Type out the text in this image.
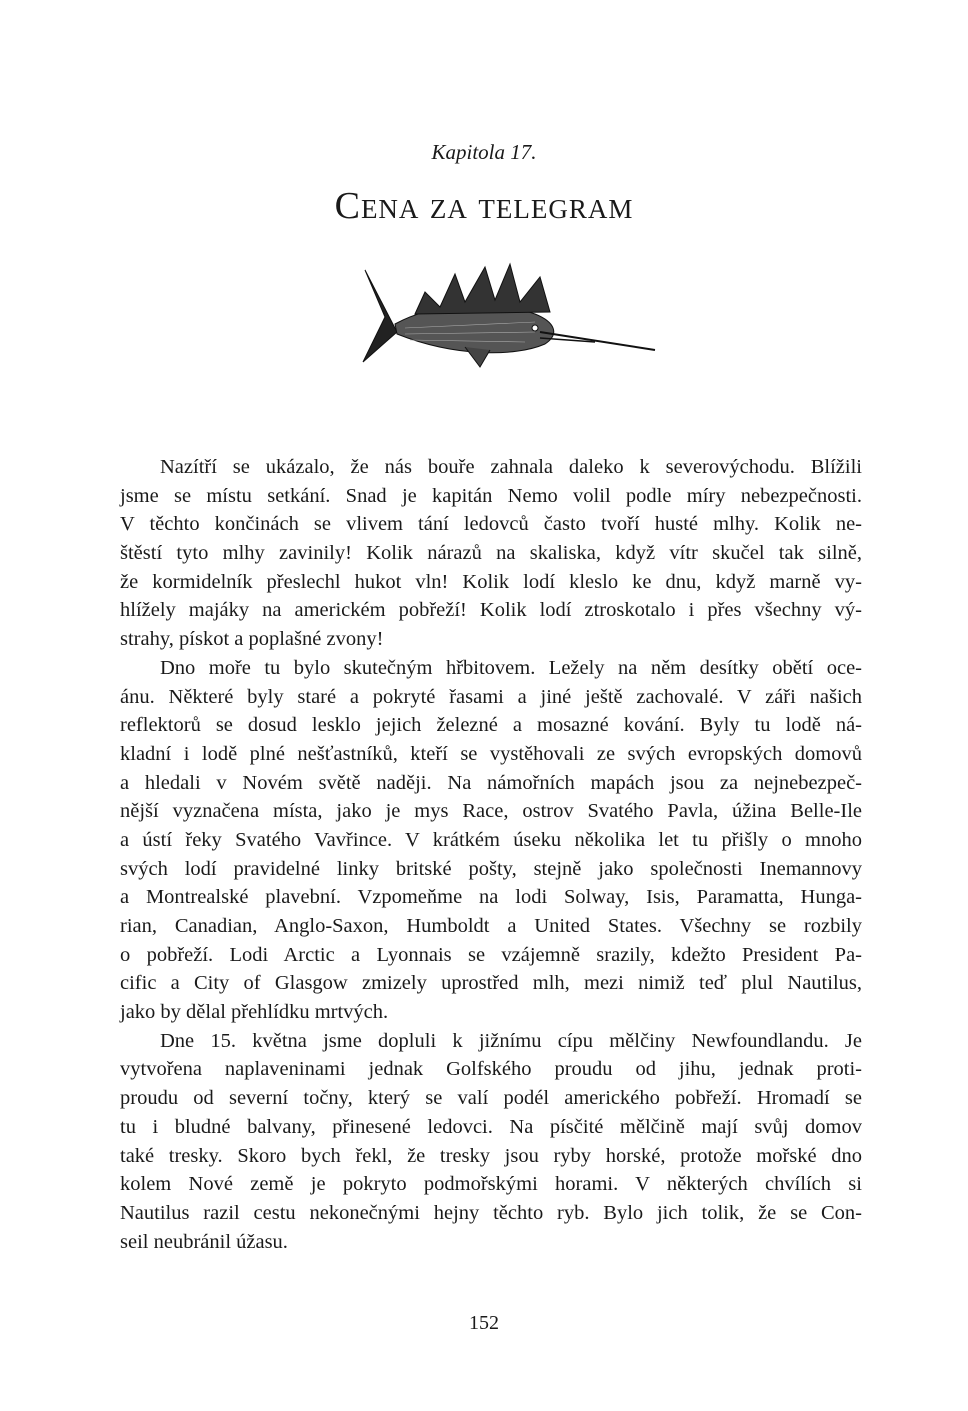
Kapitola 17.
Cena za telegram
Nazítří se ukázalo, že nás bouře zahnala daleko k severovýchodu. Blížili
jsme se místu setkání. Snad je kapitán Nemo volil podle míry nebezpečnosti.
V těchto končinách se vlivem tání ledovců často tvoří husté mlhy. Kolik ne-
štěstí tyto mlhy zavinily! Kolik nárazů na skaliska, když vítr skučel tak silně,
že kormidelník přeslechl hukot vln! Kolik lodí kleslo ke dnu, když marně vy-
hlížely majáky na americkém pobřeží! Kolik lodí ztroskotalo i přes všechny vý-
strahy, pískot a poplašné zvony!
Dno moře tu bylo skutečným hřbitovem. Ležely na něm desítky obětí oce-
ánu. Některé byly staré a pokryté řasami a jiné ještě zachovalé. V záři našich
reflektorů se dosud lesklo jejich železné a mosazné kování. Byly tu lodě ná-
kladní i lodě plné nešťastníků, kteří se vystěhovali ze svých evropských domovů
a hledali v Novém světě naději. Na námořních mapách jsou za nejnebezpeč-
nější vyznačena místa, jako je mys Race, ostrov Svatého Pavla, úžina Belle-Ile
a ústí řeky Svatého Vavřince. V krátkém úseku několika let tu přišly o mnoho
svých lodí pravidelné linky britské pošty, stejně jako společnosti Inemannovy
a Montrealské plavební. Vzpomeňme na lodi Solway, Isis, Paramatta, Hunga-
rian, Canadian, Anglo-Saxon, Humboldt a United States. Všechny se rozbily
o pobřeží. Lodi Arctic a Lyonnais se vzájemně srazily, kdežto President Pa-
cific a City of Glasgow zmizely uprostřed mlh, mezi nimiž teď plul Nautilus,
jako by dělal přehlídku mrtvých.
Dne 15. května jsme dopluli k jižnímu cípu mělčiny Newfoundlandu. Je
vytvořena naplaveninami jednak Golfského proudu od jihu, jednak proti-
proudu od severní točny, který se valí podél amerického pobřeží. Hromadí se
tu i bludné balvany, přinesené ledovci. Na písčité mělčině mají svůj domov
také tresky. Skoro bych řekl, že tresky jsou ryby horské, protože mořské dno
kolem Nové země je pokryto podmořskými horami. V některých chvílích si
Nautilus razil cestu nekonečnými hejny těchto ryb. Bylo jich tolik, že se Con-
seil neubránil úžasu.
152
